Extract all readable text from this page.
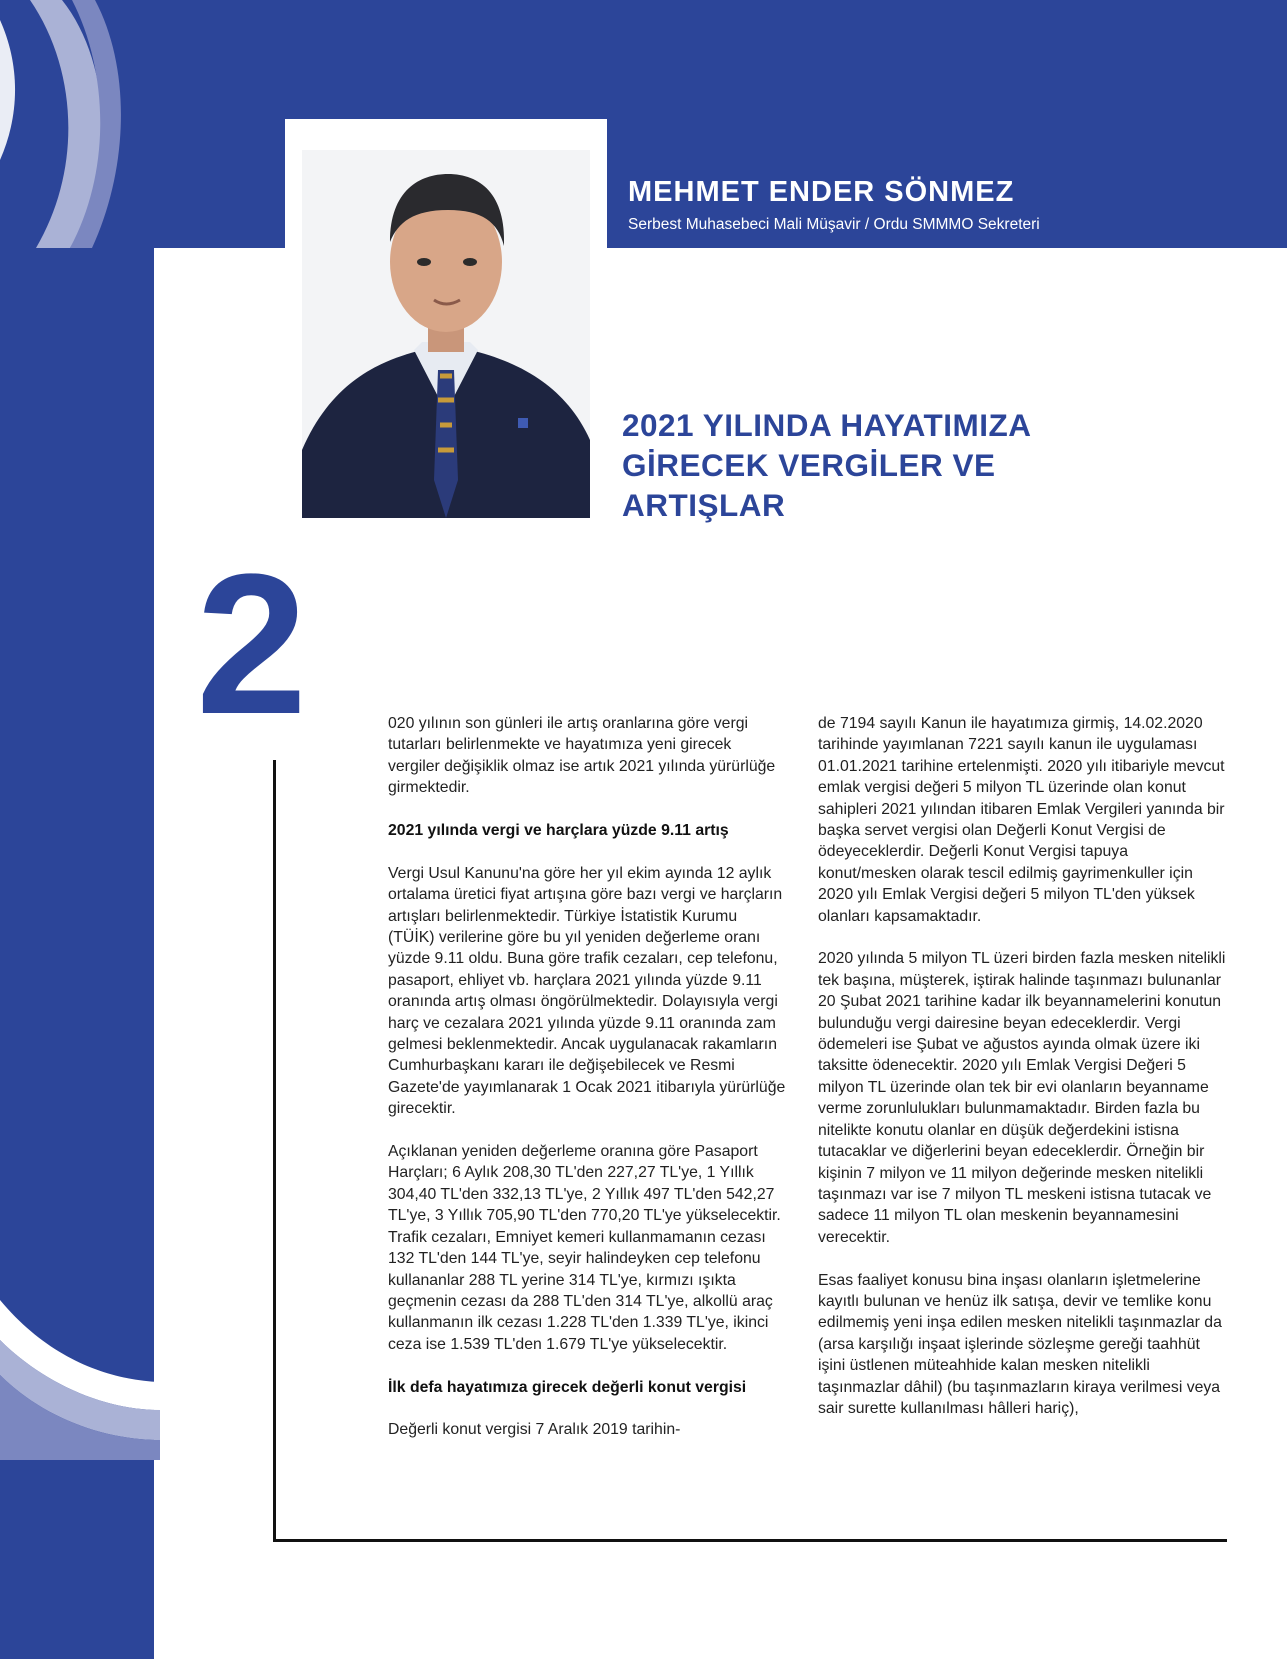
MEHMET ENDER SÖNMEZ
Serbest Muhasebeci Mali Müşavir / Ordu SMMMO Sekreteri
2021 YILINDA HAYATIMIZA
GİRECEK VERGİLER VE
ARTIŞLAR
2	020 yılının son günleri ile artış oranlarına göre vergi tutarları belirlenmekte ve hayatımıza yeni girecek vergiler değişiklik olmaz ise artık 2021 yılında yürürlüğe girmektedir.

2021 yılında vergi ve harçlara yüzde 9.11 artış

Vergi Usul Kanunu'na göre her yıl ekim ayında 12 aylık ortalama üretici fiyat artışına göre bazı vergi ve harçların artışları belirlenmektedir. Türkiye İstatistik Kurumu (TÜİK) verilerine göre bu yıl yeniden değerleme oranı yüzde 9.11 oldu. Buna göre trafik cezaları, cep telefonu, pasaport, ehliyet vb. harçlara 2021 yılında yüzde 9.11 oranında artış olması öngörülmektedir. Dolayısıyla vergi harç ve cezalara 2021 yılında yüzde 9.11 oranında zam gelmesi beklenmektedir. Ancak uygulanacak rakamların Cumhurbaşkanı kararı ile değişebilecek ve Resmi Gazete'de yayımlanarak 1 Ocak 2021 itibarıyla yürürlüğe girecektir.

Açıklanan yeniden değerleme oranına göre Pasaport Harçları; 6 Aylık 208,30 TL'den 227,27 TL'ye, 1 Yıllık 304,40 TL'den 332,13 TL'ye, 2 Yıllık 497 TL'den 542,27 TL'ye, 3 Yıllık 705,90 TL'den 770,20 TL'ye yükselecektir. Trafik cezaları, Emniyet kemeri kullanmamanın cezası 132 TL'den 144 TL'ye, seyir halindeyken cep telefonu kullananlar 288 TL yerine 314 TL'ye, kırmızı ışıkta geçmenin cezası da 288 TL'den 314 TL'ye, alkollü araç kullanmanın ilk cezası 1.228 TL'den 1.339 TL'ye, ikinci ceza ise 1.539 TL'den 1.679 TL'ye yükselecektir.

İlk defa hayatımıza girecek değerli konut vergisi

Değerli konut vergisi 7 Aralık 2019 tarihin-

de 7194 sayılı Kanun ile hayatımıza girmiş, 14.02.2020 tarihinde yayımlanan 7221 sayılı kanun ile uygulaması 01.01.2021 tarihine ertelenmişti. 2020 yılı itibariyle mevcut emlak vergisi değeri 5 milyon TL üzerinde olan konut sahipleri 2021 yılından itibaren Emlak Vergileri yanında bir başka servet vergisi olan Değerli Konut Vergisi de ödeyeceklerdir. Değerli Konut Vergisi tapuya konut/mesken olarak tescil edilmiş gayrimenkuller için 2020 yılı Emlak Vergisi değeri 5 milyon TL'den yüksek olanları kapsamaktadır.

2020 yılında 5 milyon TL üzeri birden fazla mesken nitelikli tek başına, müşterek, iştirak halinde taşınmazı bulunanlar 20 Şubat 2021 tarihine kadar ilk beyannamelerini konutun bulunduğu vergi dairesine beyan edeceklerdir. Vergi ödemeleri ise Şubat ve ağustos ayında olmak üzere iki taksitte ödenecektir. 2020 yılı Emlak Vergisi Değeri 5 milyon TL üzerinde olan tek bir evi olanların beyanname verme zorunlulukları bulunmamaktadır. Birden fazla bu nitelikte konutu olanlar en düşük değerdekini istisna tutacaklar ve diğerlerini beyan edeceklerdir. Örneğin bir kişinin 7 milyon ve 11 milyon değerinde mesken nitelikli taşınmazı var ise 7 milyon TL meskeni istisna tutacak ve sadece 11 milyon TL olan meskenin beyannamesini verecektir.

Esas faaliyet konusu bina inşası olanların işletmelerine kayıtlı bulunan ve henüz ilk satışa, devir ve temlike konu edilmemiş yeni inşa edilen mesken nitelikli taşınmazlar da (arsa karşılığı inşaat işlerinde sözleşme gereği taahhüt işini üstlenen müteahhide kalan mesken nitelikli taşınmazlar dâhil) (bu taşınmazların kiraya verilmesi veya sair surette kullanılması hâlleri hariç),
